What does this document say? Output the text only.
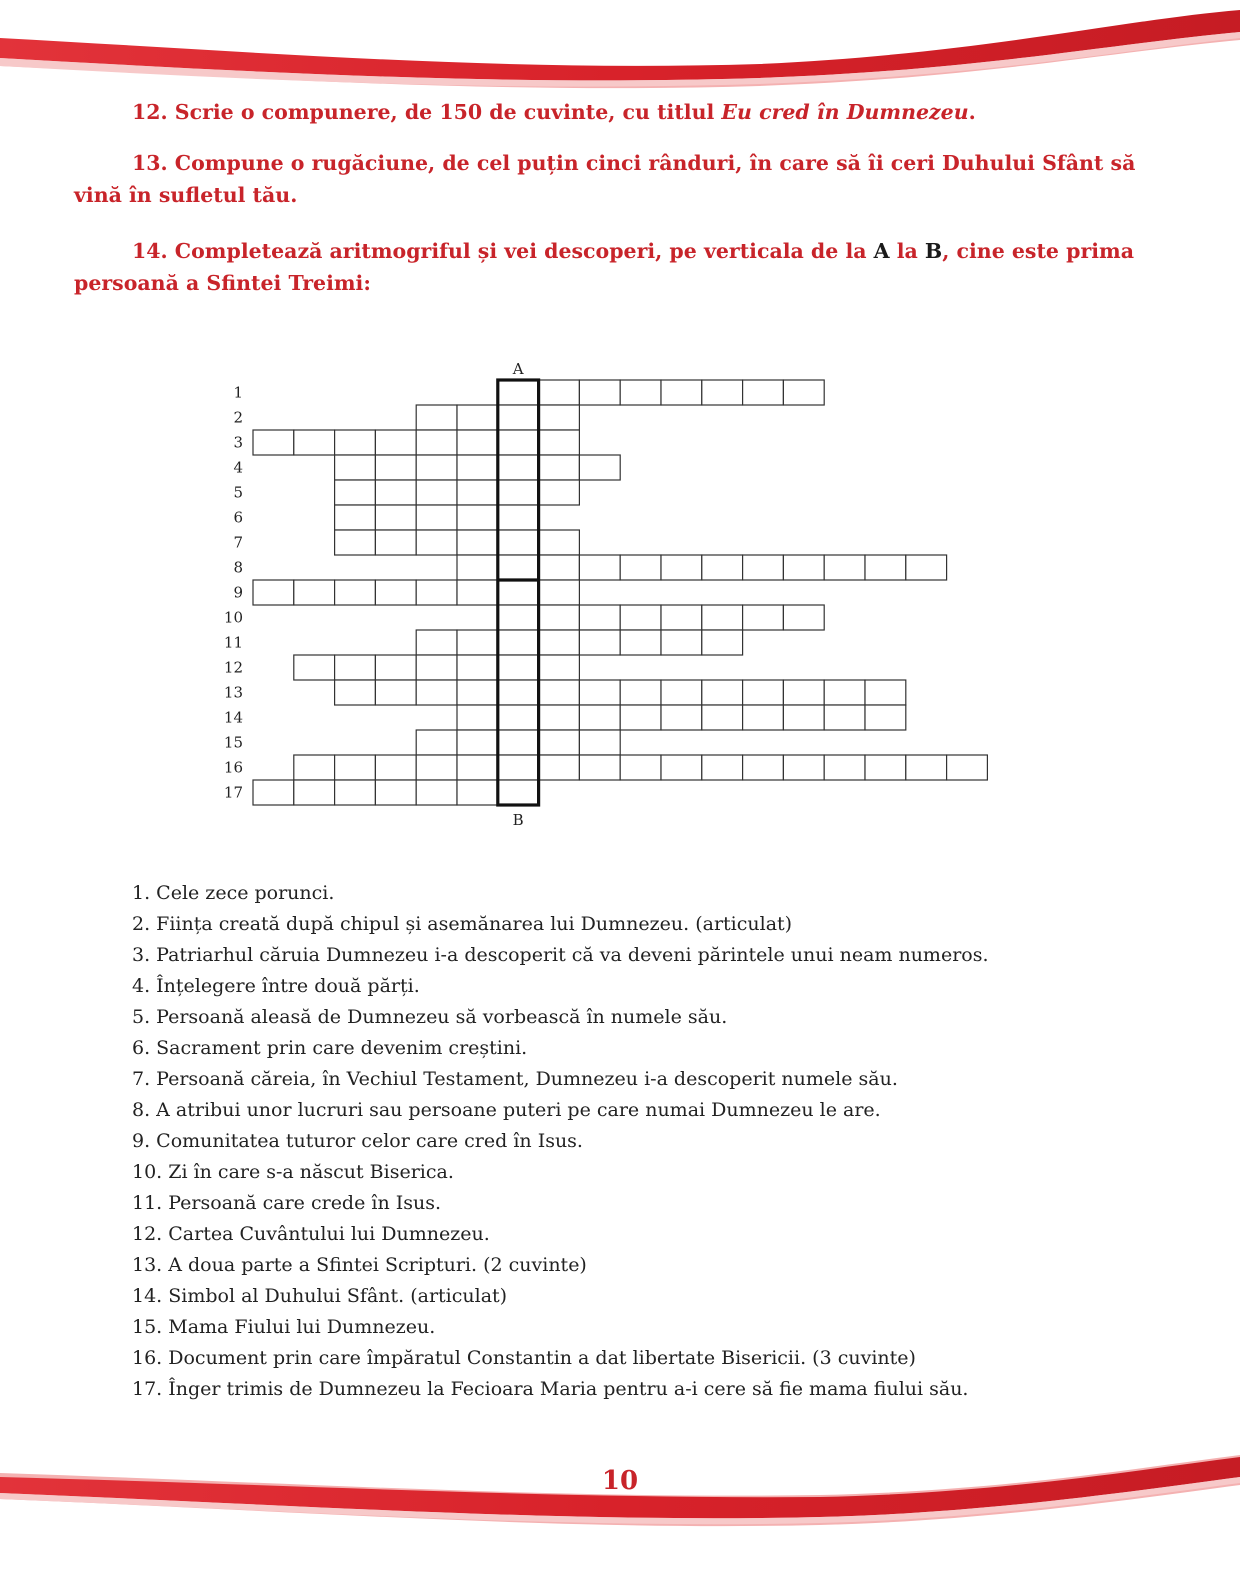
12. Scrie o compunere, de 150 de cuvinte, cu titlul Eu cred în Dumnezeu.

13. Compune o rugăciune, de cel puțin cinci rânduri, în care să îi ceri Duhului Sfânt să vină în sufletul tău.

14. Completează aritmogriful și vei descoperi, pe verticala de la A la B, cine este prima persoană a Sfintei Treimi:

1
2
3
4
5
6
7
8
9
10
11
12
13
14
15
16
17
A
B
1. Cele zece porunci.
2. Ființa creată după chipul și asemănarea lui Dumnezeu. (articulat)
3. Patriarhul căruia Dumnezeu i-a descoperit că va deveni părintele unui neam numeros.
4. Înțelegere între două părți.
5. Persoană aleasă de Dumnezeu să vorbească în numele său.
6. Sacrament prin care devenim creștini.
7. Persoană căreia, în Vechiul Testament, Dumnezeu i-a descoperit numele său.
8. A atribui unor lucruri sau persoane puteri pe care numai Dumnezeu le are.
9. Comunitatea tuturor celor care cred în Isus.
10. Zi în care s-a născut Biserica.
11. Persoană care crede în Isus.
12. Cartea Cuvântului lui Dumnezeu.
13. A doua parte a Sfintei Scripturi. (2 cuvinte)
14. Simbol al Duhului Sfânt. (articulat)
15. Mama Fiului lui Dumnezeu.
16. Document prin care împăratul Constantin a dat libertate Bisericii. (3 cuvinte)
17. Înger trimis de Dumnezeu la Fecioara Maria pentru a-i cere să fie mama fiului său.
10
